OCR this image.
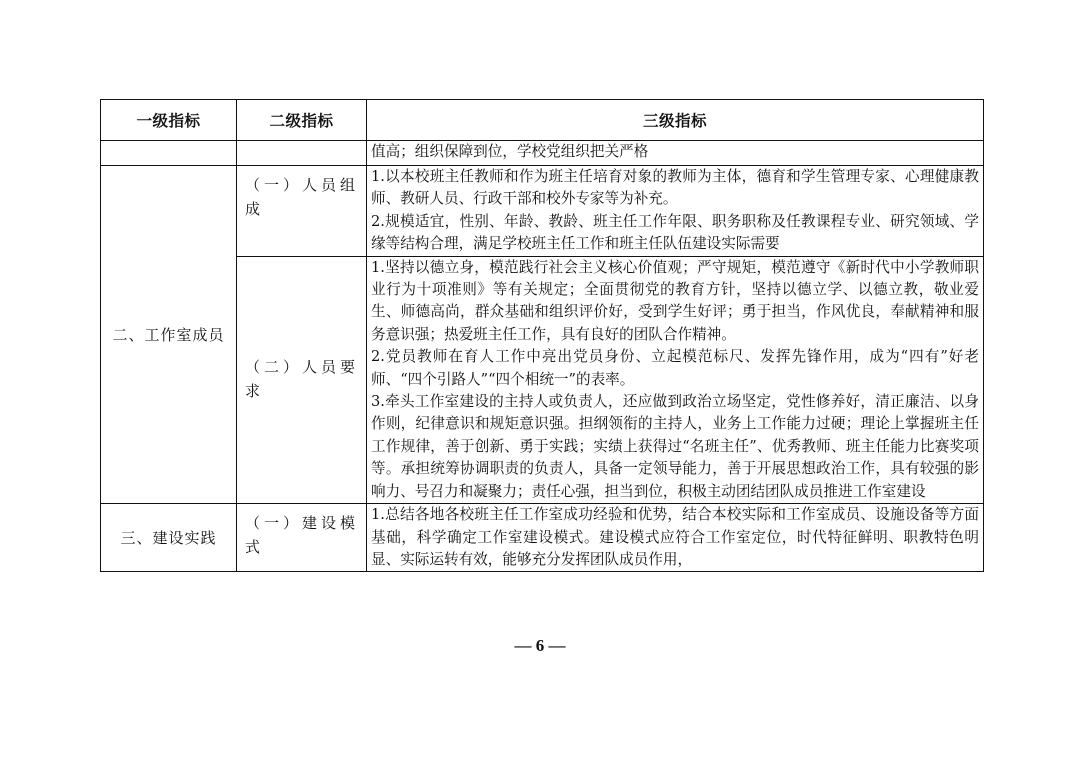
一级指标	二级指标	三级指标

		值高；组织保障到位，学校党组织把关严格

二、工作室成员	（一）人员组成	1.以本校班主任教师和作为班主任培育对象的教师为主体，德育和学生管理专家、心理健康教师、教研人员、行政干部和校外专家等为补充。

2.规模适宜，性别、年龄、教龄、班主任工作年限、职务职称及任教课程专业、研究领域、学缘等结构合理，满足学校班主任工作和班主任队伍建设实际需要

	（二）人员要求	1.坚持以德立身，模范践行社会主义核心价值观；严守规矩，模范遵守《新时代中小学教师职业行为十项准则》等有关规定；全面贯彻党的教育方针，坚持以德立学、以德立教，敬业爱生、师德高尚，群众基础和组织评价好，受到学生好评；勇于担当，作风优良，奉献精神和服务意识强；热爱班主任工作，具有良好的团队合作精神。

2.党员教师在育人工作中亮出党员身份、立起模范标尺、发挥先锋作用，成为“四有”好老师、“四个引路人”“四个相统一”的表率。

3.牵头工作室建设的主持人或负责人，还应做到政治立场坚定，党性修养好，清正廉洁、以身作则，纪律意识和规矩意识强。担纲领衔的主持人，业务上工作能力过硬；理论上掌握班主任工作规律，善于创新、勇于实践；实绩上获得过“名班主任”、优秀教师、班主任能力比赛奖项等。承担统筹协调职责的负责人，具备一定领导能力，善于开展思想政治工作，具有较强的影响力、号召力和凝聚力；责任心强，担当到位，积极主动团结团队成员推进工作室建设

三、建设实践	（一）建设模式	1.总结各地各校班主任工作室成功经验和优势，结合本校实际和工作室成员、设施设备等方面基础，科学确定工作室建设模式。建设模式应符合工作室定位，时代特征鲜明、职教特色明显、实际运转有效，能够充分发挥团队成员作用，

— 6 —
